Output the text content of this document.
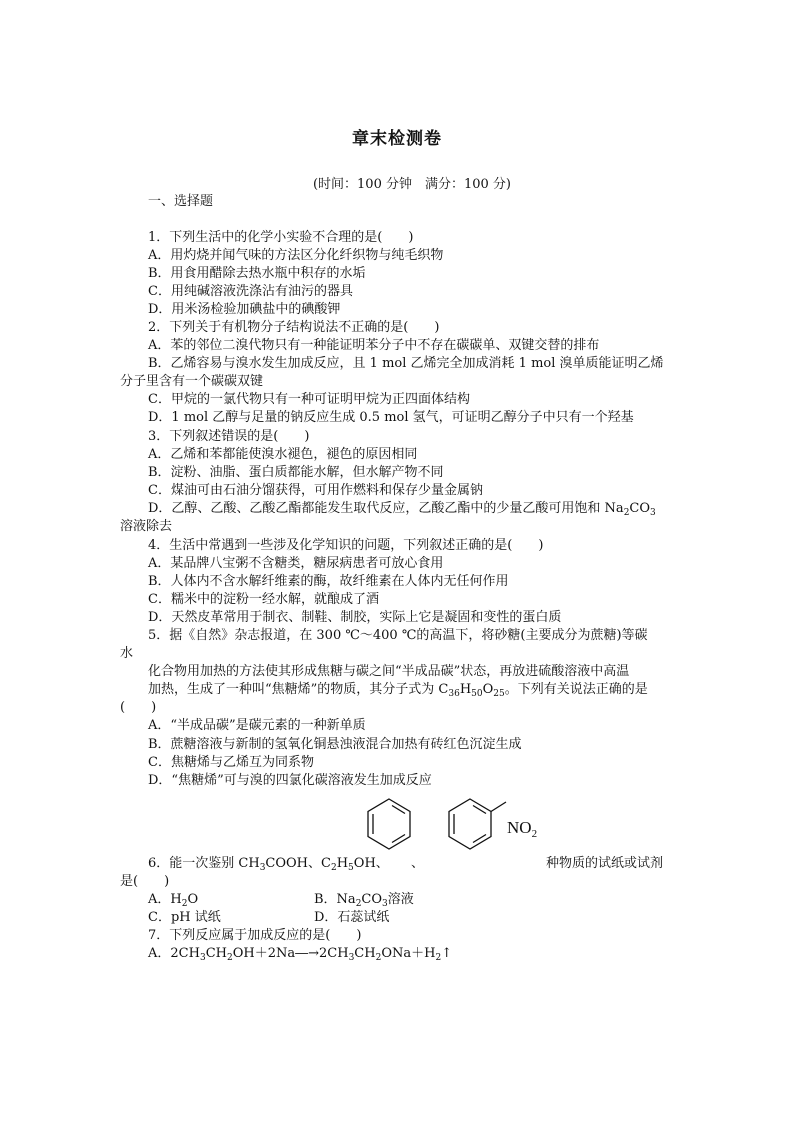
章末检测卷
(时间：100 分钟　满分：100 分)
一、选择题
1．下列生活中的化学小实验不合理的是(　　)
A．用灼烧并闻气味的方法区分化纤织物与纯毛织物
B．用食用醋除去热水瓶中积存的水垢
C．用纯碱溶液洗涤沾有油污的器具
D．用米汤检验加碘盐中的碘酸钾
2．下列关于有机物分子结构说法不正确的是(　　)
A．苯的邻位二溴代物只有一种能证明苯分子中不存在碳碳单、双键交替的排布
B．乙烯容易与溴水发生加成反应，且 1 mol 乙烯完全加成消耗 1 mol 溴单质能证明乙烯
分子里含有一个碳碳双键
C．甲烷的一氯代物只有一种可证明甲烷为正四面体结构
D．1 mol 乙醇与足量的钠反应生成 0.5 mol 氢气，可证明乙醇分子中只有一个羟基
3．下列叙述错误的是(　　)
A．乙烯和苯都能使溴水褪色，褪色的原因相同
B．淀粉、油脂、蛋白质都能水解，但水解产物不同
C．煤油可由石油分馏获得，可用作燃料和保存少量金属钠
D．乙醇、乙酸、乙酸乙酯都能发生取代反应，乙酸乙酯中的少量乙酸可用饱和 $Na_2CO_3$
溶液除去
4．生活中常遇到一些涉及化学知识的问题，下列叙述正确的是(　　)
A．某品牌八宝粥不含糖类，糖尿病患者可放心食用
B．人体内不含水解纤维素的酶，故纤维素在人体内无任何作用
C．糯米中的淀粉一经水解，就酿成了酒
D．天然皮革常用于制衣、制鞋、制胶，实际上它是凝固和变性的蛋白质
5．据《自然》杂志报道，在 300 ℃～400 ℃的高温下，将砂糖(主要成分为蔗糖)等碳
水
化合物用加热的方法使其形成焦糖与碳之间“半成品碳”状态，再放进硫酸溶液中高温
加热，生成了一种叫“焦糖烯”的物质，其分子式为 $C_{36}H_{50}O_{25}$。下列有关说法正确的是
(　　)
A．“半成品碳”是碳元素的一种新单质
B．蔗糖溶液与新制的氢氧化铜悬浊液混合加热有砖红色沉淀生成
C．焦糖烯与乙烯互为同系物
D．“焦糖烯”可与溴的四氯化碳溶液发生加成反应
$NO_2$
6．能一次鉴别 $CH_3COOH$、$C_2H_5OH$、 、	种物质的试纸或试剂
是(　　)
A．$H_2O$	B．$Na_2CO_3$溶液
C．pH 试纸	D．石蕊试纸
7．下列反应属于加成反应的是(　　)
A．$2CH_3CH_2OH+2Na―\to 2CH_3CH_2ONa+H_2↑$
